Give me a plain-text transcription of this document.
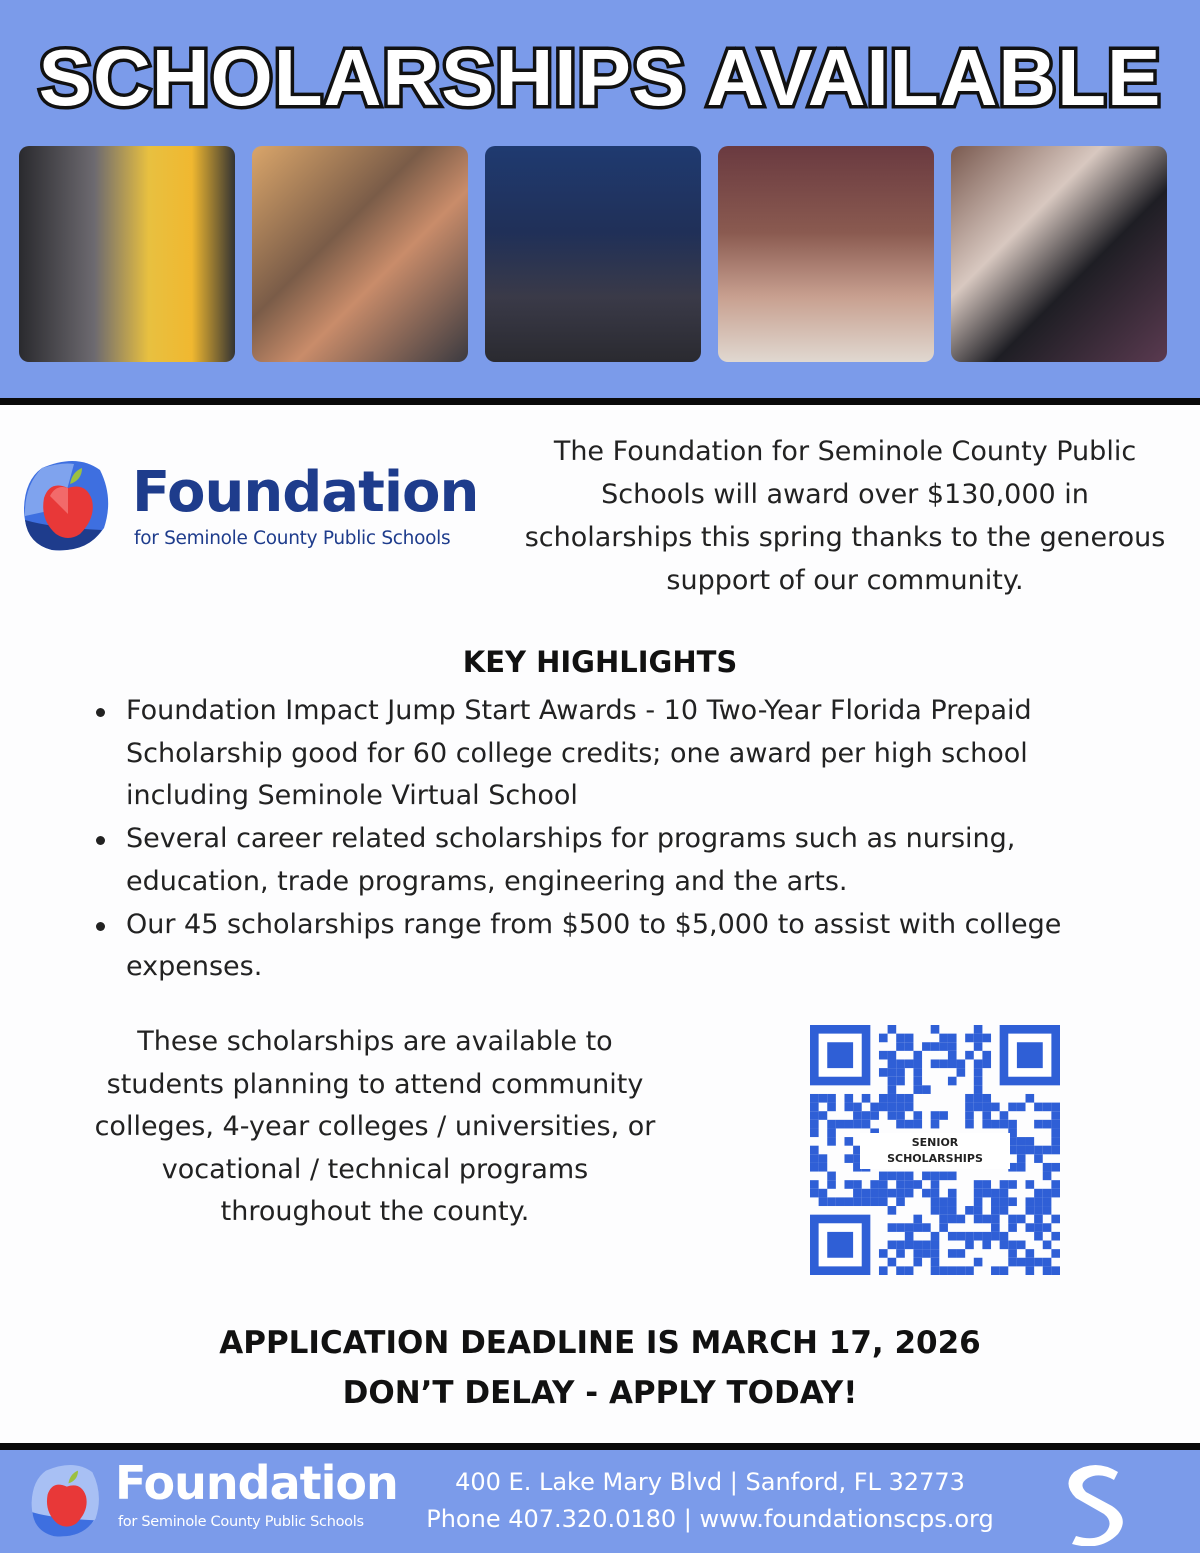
SCHOLARSHIPS AVAILABLE
Foundation
for Seminole County Public Schools
The Foundation for Seminole County Public Schools will award over $130,000 in scholarships this spring thanks to the generous support of our community.
KEY HIGHLIGHTS
Foundation Impact Jump Start Awards - 10 Two-Year Florida Prepaid Scholarship good for 60 college credits; one award per high school including Seminole Virtual School
Several career related scholarships for programs such as nursing, education, trade programs, engineering and the arts.
Our 45 scholarships range from $500 to $5,000 to assist with college expenses.
These scholarships are available to students planning to attend community colleges, 4-year colleges / universities, or vocational / technical programs throughout the county.
SENIOR
SCHOLARSHIPS
APPLICATION DEADLINE IS MARCH 17, 2026
DON’T DELAY - APPLY TODAY!
Foundation
for Seminole County Public Schools
400 E. Lake Mary Blvd | Sanford, FL 32773
Phone 407.320.0180 | www.foundationscps.org
